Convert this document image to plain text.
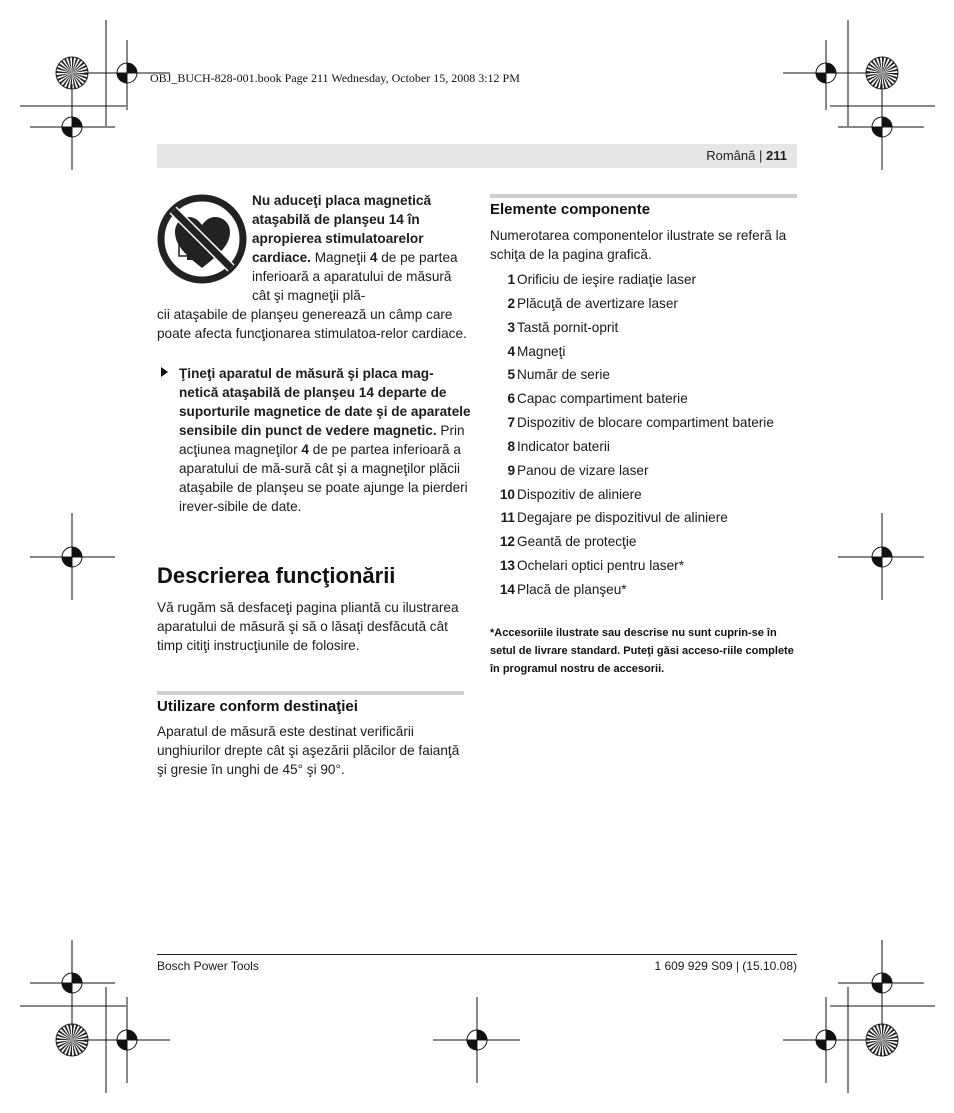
OBJ_BUCH-828-001.book Page 211 Wednesday, October 15, 2008 3:12 PM
Română | 211
Nu aduceţi placa magnetică ataşabilă de planşeu 14 în apropierea stimulatoarelor cardiace. Magneţii 4 de pe partea inferioară a aparatului de măsură cât şi magneţii plă-
cii ataşabile de planşeu generează un câmp care poate afecta funcţionarea stimulatoa-relor cardiace.
Ţineţi aparatul de măsură şi placa mag-netică ataşabilă de planşeu 14 departe de suporturile magnetice de date şi de aparatele sensibile din punct de vedere magnetic. Prin acţiunea magneţilor 4 de pe partea inferioară a aparatului de mă-sură cât şi a magneţilor plăcii ataşabile de planşeu se poate ajunge la pierderi irever-sibile de date.
Descrierea funcţionării
Vă rugăm să desfaceţi pagina pliantă cu ilustrarea aparatului de măsură şi să o lăsaţi desfăcută cât timp citiţi instrucţiunile de folosire.
Utilizare conform destinaţiei
Aparatul de măsură este destinat verificării unghiurilor drepte cât şi aşezării plăcilor de faianţă şi gresie în unghi de 45° şi 90°.
Elemente componente
Numerotarea componentelor ilustrate se referă la schiţa de la pagina grafică.
1 Orificiu de ieşire radiaţie laser
2 Plăcuţă de avertizare laser
3 Tastă pornit-oprit
4 Magneţi
5 Număr de serie
6 Capac compartiment baterie
7 Dispozitiv de blocare compartiment baterie
8 Indicator baterii
9 Panou de vizare laser
10 Dispozitiv de aliniere
11 Degajare pe dispozitivul de aliniere
12 Geantă de protecţie
13 Ochelari optici pentru laser*
14 Placă de planşeu*
*Accesoriile ilustrate sau descrise nu sunt cuprin-se în setul de livrare standard. Puteţi găsi acceso-riile complete în programul nostru de accesorii.
Bosch Power Tools	1 609 929 S09 | (15.10.08)
